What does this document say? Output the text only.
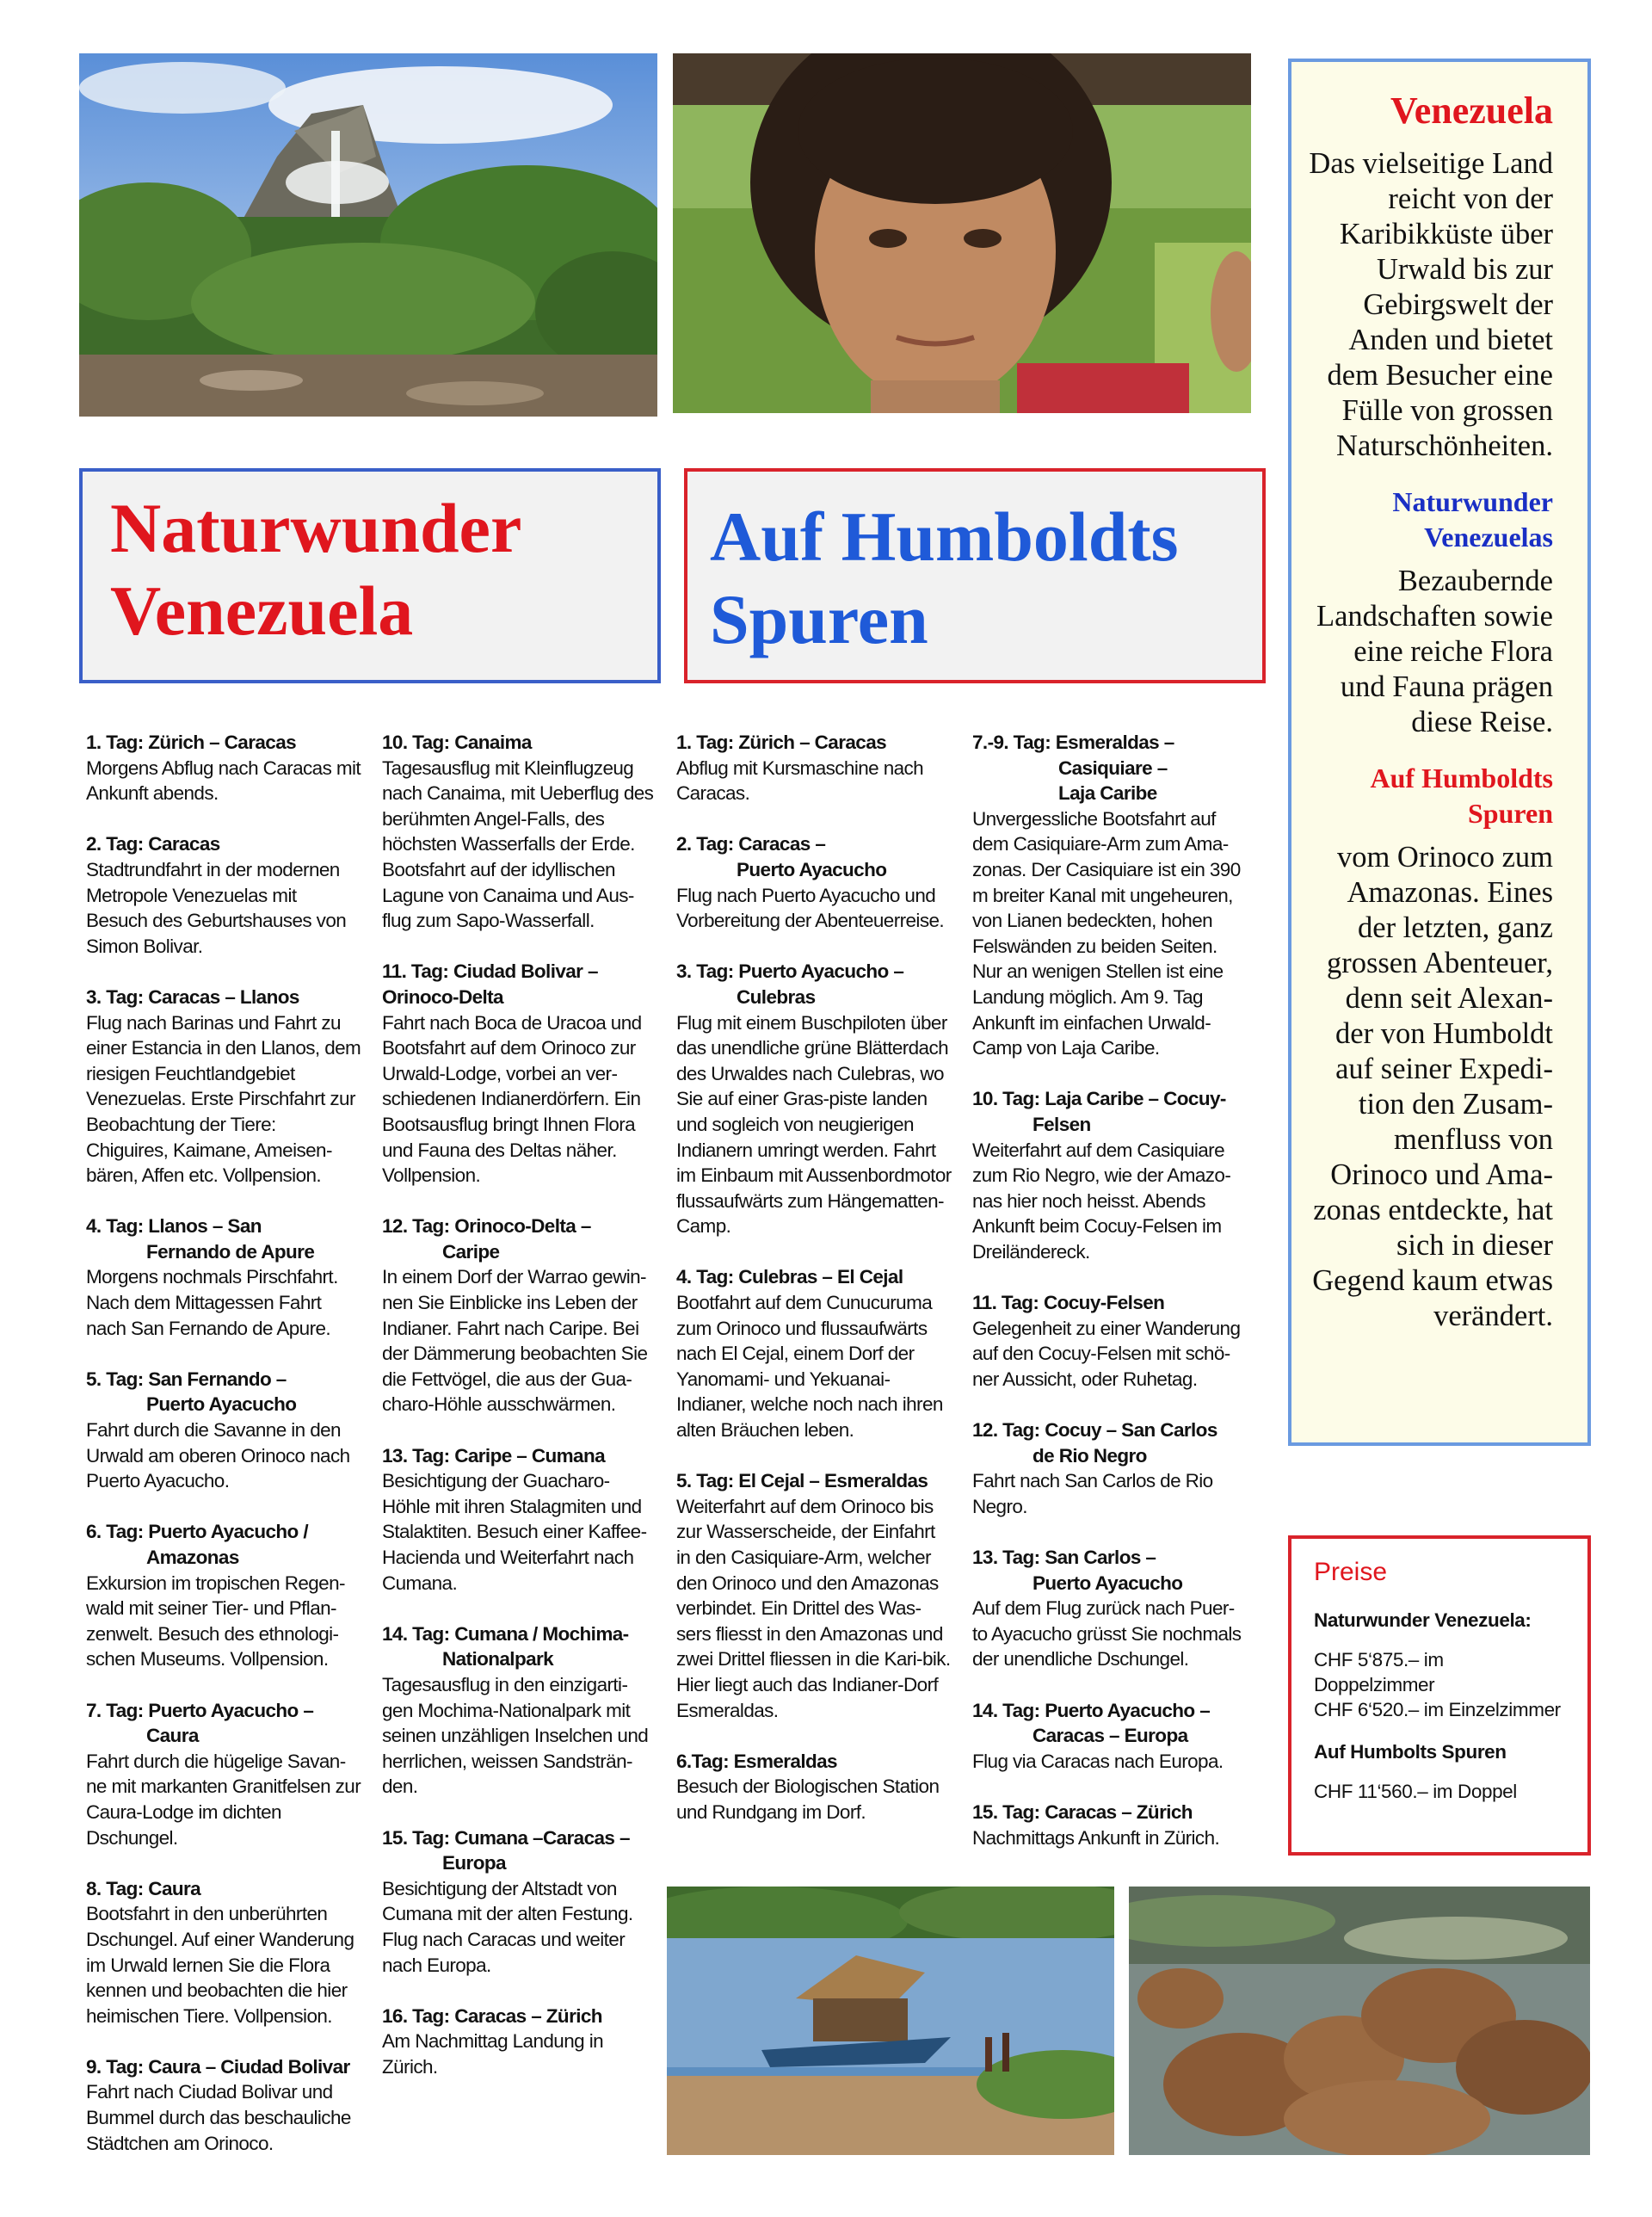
Naturwunder
Venezuela
Auf Humboldts
Spuren
1. Tag: Zürich – Caracas
Morgens Abflug nach Caracas mit Ankunft abends.
2. Tag: Caracas
Stadtrundfahrt in der modernen Metropole Venezuelas mit Besuch des Geburtshauses von Simon Bolivar.
3. Tag: Caracas – Llanos
Flug nach Barinas und Fahrt zu einer Estancia in den Llanos, dem riesigen Feuchtlandgebiet Venezuelas. Erste Pirschfahrt zur Beobachtung der Tiere: Chiguires, Kaimane, Ameisen-bären, Affen etc. Vollpension.
4. Tag: Llanos – San
Fernando de Apure
Morgens nochmals Pirschfahrt. Nach dem Mittagessen Fahrt nach San Fernando de Apure.
5. Tag: San Fernando –
Puerto Ayacucho
Fahrt durch die Savanne in den Urwald am oberen Orinoco nach Puerto Ayacucho.
6. Tag: Puerto Ayacucho /
Amazonas
Exkursion im tropischen Regen-wald mit seiner Tier- und Pflan-zenwelt. Besuch des ethnologi-schen Museums. Vollpension.
7. Tag: Puerto Ayacucho –
Caura
Fahrt durch die hügelige Savan-ne mit markanten Granitfelsen zur Caura-Lodge im dichten Dschungel.
8. Tag: Caura
Bootsfahrt in den unberührten Dschungel. Auf einer Wanderung im Urwald lernen Sie die Flora kennen und beobachten die hier heimischen Tiere. Vollpension.
9. Tag: Caura – Ciudad Bolivar
Fahrt nach Ciudad Bolivar und Bummel durch das beschauliche Städtchen am Orinoco.
10. Tag: Canaima
Tagesausflug mit Kleinflugzeug nach Canaima, mit Ueberflug des berühmten Angel-Falls, des höchsten Wasserfalls der Erde. Bootsfahrt auf der idyllischen Lagune von Canaima und Aus-flug zum Sapo-Wasserfall.
11. Tag: Ciudad Bolivar –
Orinoco-Delta
Fahrt nach Boca de Uracoa und Bootsfahrt auf dem Orinoco zur Urwald-Lodge, vorbei an ver-schiedenen Indianerdörfern. Ein Bootsausflug bringt Ihnen Flora und Fauna des Deltas näher. Vollpension.
12. Tag: Orinoco-Delta –
Caripe
In einem Dorf der Warrao gewin-nen Sie Einblicke ins Leben der Indianer. Fahrt nach Caripe. Bei der Dämmerung beobachten Sie die Fettvögel, die aus der Gua-charo-Höhle ausschwärmen.
13. Tag: Caripe – Cumana
Besichtigung der Guacharo-Höhle mit ihren Stalagmiten und Stalaktiten. Besuch einer Kaffee-Hacienda und Weiterfahrt nach Cumana.
14. Tag: Cumana / Mochima-
Nationalpark
Tagesausflug in den einzigarti-gen Mochima-Nationalpark mit seinen unzähligen Inselchen und herrlichen, weissen Sandsträn-den.
15. Tag: Cumana –Caracas –
Europa
Besichtigung der Altstadt von Cumana mit der alten Festung. Flug nach Caracas und weiter nach Europa.
16. Tag: Caracas – Zürich
Am Nachmittag Landung in Zürich.
1. Tag: Zürich – Caracas
Abflug mit Kursmaschine nach Caracas.
2. Tag: Caracas –
Puerto Ayacucho
Flug nach Puerto Ayacucho und Vorbereitung der Abenteuerreise.
3. Tag: Puerto Ayacucho –
Culebras
Flug mit einem Buschpiloten über das unendliche grüne Blätterdach des Urwaldes nach Culebras, wo Sie auf einer Gras-piste landen und sogleich von neugierigen Indianern umringt werden. Fahrt im Einbaum mit Aussenbordmotor flussaufwärts zum Hängematten-Camp.
4. Tag: Culebras – El Cejal
Bootfahrt auf dem Cunucuruma zum Orinoco und flussaufwärts nach El Cejal, einem Dorf der Yanomami- und Yekuanai-Indianer, welche noch nach ihren alten Bräuchen leben.
5. Tag: El Cejal – Esmeraldas
Weiterfahrt auf dem Orinoco bis zur Wasserscheide, der Einfahrt in den Casiquiare-Arm, welcher den Orinoco und den Amazonas verbindet. Ein Drittel des Was-sers fliesst in den Amazonas und zwei Drittel fliessen in die Kari-bik. Hier liegt auch das Indianer-Dorf Esmeraldas.
6.Tag: Esmeraldas
Besuch der Biologischen Station und Rundgang im Dorf.
7.-9. Tag: Esmeraldas –
Casiquiare –
Laja Caribe
Unvergessliche Bootsfahrt auf dem Casiquiare-Arm zum Ama-zonas. Der Casiquiare ist ein 390 m breiter Kanal mit ungeheuren, von Lianen bedeckten, hohen Felswänden zu beiden Seiten. Nur an wenigen Stellen ist eine Landung möglich. Am 9. Tag Ankunft im einfachen Urwald-Camp von Laja Caribe.
10. Tag: Laja Caribe – Cocuy-
Felsen
Weiterfahrt auf dem Casiquiare zum Rio Negro, wie der Amazo-nas hier noch heisst. Abends Ankunft beim Cocuy-Felsen im Dreiländereck.
11. Tag: Cocuy-Felsen
Gelegenheit zu einer Wanderung auf den Cocuy-Felsen mit schö-ner Aussicht, oder Ruhetag.
12. Tag: Cocuy – San Carlos
de Rio Negro
Fahrt nach San Carlos de Rio Negro.
13. Tag: San Carlos –
Puerto Ayacucho
Auf dem Flug zurück nach Puer-to Ayacucho grüsst Sie nochmals der unendliche Dschungel.
14. Tag: Puerto Ayacucho –
Caracas – Europa
Flug via Caracas nach Europa.
15. Tag: Caracas – Zürich
Nachmittags Ankunft in Zürich.
Venezuela
Das vielseitige Land reicht von der Karibikküste über Urwald bis zur Gebirgswelt der Anden und bietet dem Besucher eine Fülle von grossen Naturschönheiten.
Naturwunder Venezuelas
Bezaubernde Landschaften sowie eine reiche Flora und Fauna prägen diese Reise.
Auf Humboldts Spuren
vom Orinoco zum Amazonas. Eines der letzten, ganz grossen Abenteuer, denn seit Alexan-der von Humboldt auf seiner Expedi-tion den Zusam-menfluss von Orinoco und Ama-zonas entdeckte, hat sich in dieser Gegend kaum etwas verändert.
Preise
Naturwunder Venezuela:
CHF 5‘875.– im Doppelzimmer
CHF 6‘520.– im Einzelzimmer
Auf Humbolts Spuren
CHF 11‘560.– im Doppel
